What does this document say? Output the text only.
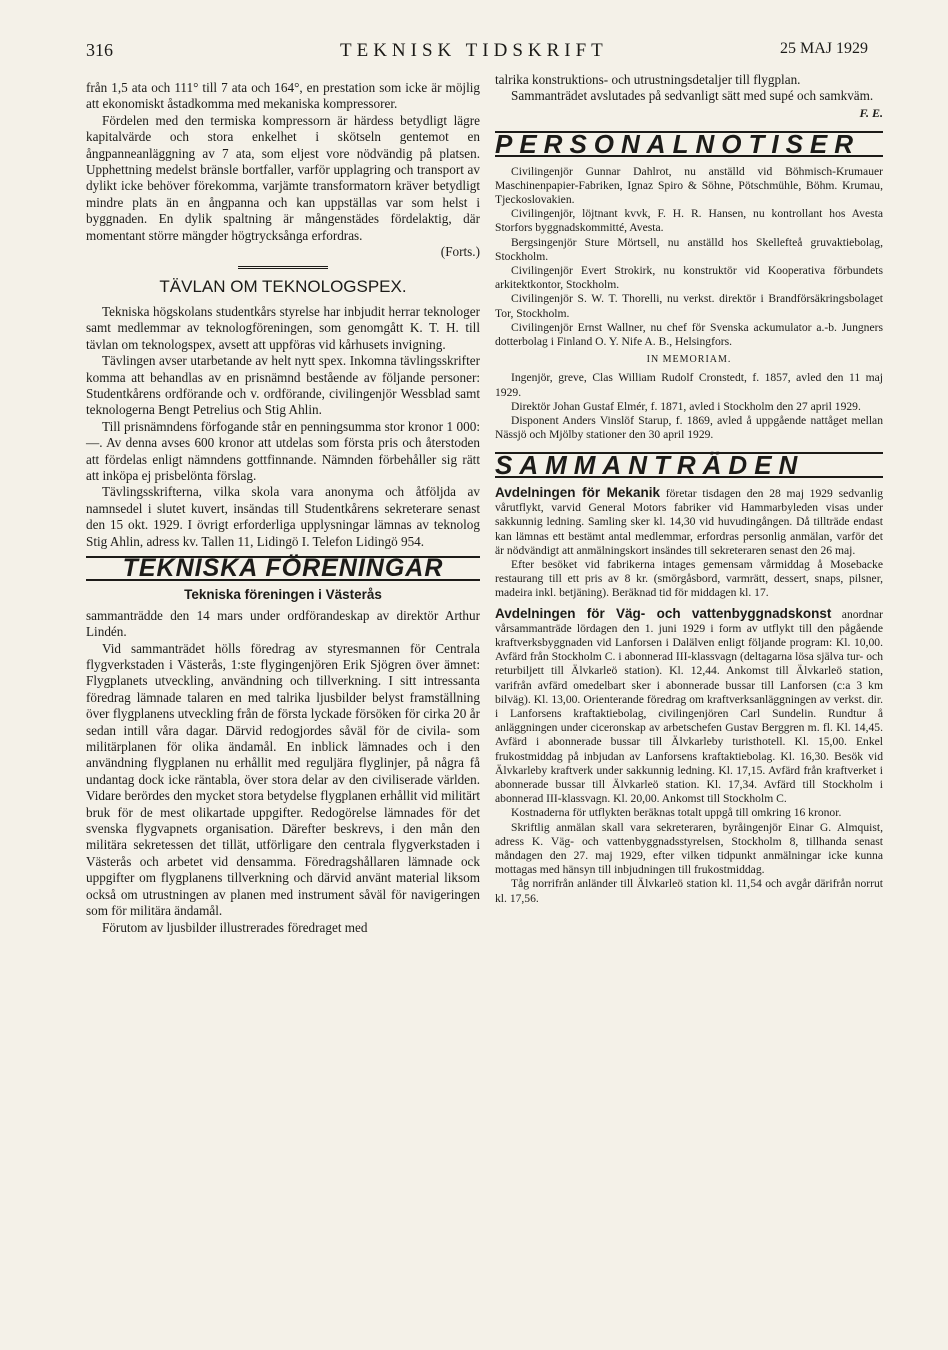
316	TEKNISK TIDSKRIFT	25 MAJ 1929

från 1,5 ata och 111° till 7 ata och 164°, en prestation som icke är möjlig att ekonomiskt åstadkomma med mekaniska kompressorer.

Fördelen med den termiska kompressorn är härdess betydligt lägre kapitalvärde och stora enkelhet i skötseln gentemot en ångpanneanläggning av 7 ata, som eljest vore nödvändig på platsen. Upphettning medelst bränsle bortfaller, varför upplagring och transport av dylikt icke behöver förekomma, varjämte transformatorn kräver betydligt mindre plats än en ångpanna och kan uppställas var som helst i byggnaden. En dylik spaltning är mångenstädes fördelaktig, där momentant större mängder högtrycksånga erfordras.

(Forts.)

TÄVLAN OM TEKNOLOGSPEX.

Tekniska högskolans studentkårs styrelse har inbjudit herrar teknologer samt medlemmar av teknologföreningen, som genomgått K. T. H. till tävlan om teknologspex, avsett att uppföras vid kårhusets invigning.

Tävlingen avser utarbetande av helt nytt spex. Inkomna tävlingsskrifter komma att behandlas av en prisnämnd bestående av följande personer: Studentkårens ordförande och v. ordförande, civilingenjör Wessblad samt teknologerna Bengt Petrelius och Stig Ahlin.

Till prisnämndens förfogande står en penningsumma stor kronor 1 000:—. Av denna avses 600 kronor att utdelas som första pris och återstoden att fördelas enligt nämndens gottfinnande. Nämnden förbehåller sig rätt att inköpa ej prisbelönta förslag.

Tävlingsskrifterna, vilka skola vara anonyma och åtföljda av namnsedel i slutet kuvert, insändas till Studentkårens sekreterare senast den 15 okt. 1929. I övrigt erforderliga upplysningar lämnas av teknolog Stig Ahlin, adress kv. Tallen 11, Lidingö I. Telefon Lidingö 954.

TEKNISKA FÖRENINGAR
Tekniska föreningen i Västerås

sammanträdde den 14 mars under ordförandeskap av direktör Arthur Lindén.

Vid sammanträdet hölls föredrag av styresmannen för Centrala flygverkstaden i Västerås, 1:ste flygingenjören Erik Sjögren över ämnet: Flygplanets utveckling, användning och tillverkning. I sitt intressanta föredrag lämnade talaren en med talrika ljusbilder belyst framställning över flygplanens utveckling från de första lyckade försöken för cirka 20 år sedan intill våra dagar. Därvid redogjordes såväl för de civila- som militärplanen för olika ändamål. En inblick lämnades och i den användning flygplanen nu erhållit med reguljära flyglinjer, på några få undantag dock icke räntabla, över stora delar av den civiliserade världen. Vidare berördes den mycket stora betydelse flygplanen erhållit vid militärt bruk för de mest olikartade uppgifter. Redogörelse lämnades för det svenska flygvapnets organisation. Därefter beskrevs, i den mån den militära sekretessen det tillät, utförligare den centrala flygverkstaden i Västerås och arbetet vid densamma. Föredragshållaren lämnade ock uppgifter om flygplanens tillverkning och därvid använt material liksom också om utrustningen av planen med instrument såväl för navigeringen som för militära ändamål.

Förutom av ljusbilder illustrerades föredraget med

talrika konstruktions- och utrustningsdetaljer till flygplan.

Sammanträdet avslutades på sedvanligt sätt med supé och samkväm.

F. E.
PERSONALNOTISER

Civilingenjör Gunnar Dahlrot, nu anställd vid Böhmisch-Krumauer Maschinenpapier-Fabriken, Ignaz Spiro & Söhne, Pötschmühle, Böhm. Krumau, Tjeckoslovakien.

Civilingenjör, löjtnant kvvk, F. H. R. Hansen, nu kontrollant hos Avesta Storfors byggnadskommitté, Avesta.

Bergsingenjör Sture Mörtsell, nu anställd hos Skellefteå gruvaktiebolag, Stockholm.

Civilingenjör Evert Strokirk, nu konstruktör vid Kooperativa förbundets arkitektkontor, Stockholm.

Civilingenjör S. W. T. Thorelli, nu verkst. direktör i Brandförsäkringsbolaget Tor, Stockholm.

Civilingenjör Ernst Wallner, nu chef för Svenska ackumulator a.-b. Jungners dotterbolag i Finland O. Y. Nife A. B., Helsingfors.

IN MEMORIAM.

Ingenjör, greve, Clas William Rudolf Cronstedt, f. 1857, avled den 11 maj 1929.

Direktör Johan Gustaf Elmér, f. 1871, avled i Stockholm den 27 april 1929.

Disponent Anders Vinslöf Starup, f. 1869, avled å uppgående nattåget mellan Nässjö och Mjölby stationer den 30 april 1929.

SAMMANTRÄDEN

Avdelningen för Mekanik företar tisdagen den 28 maj 1929 sedvanlig vårutflykt, varvid General Motors fabriker vid Hammarbyleden visas under sakkunnig ledning. Samling sker kl. 14,30 vid huvudingången. Då tillträde endast kan lämnas ett bestämt antal medlemmar, erfordras personlig anmälan, varför det är nödvändigt att anmälningskort insändes till sekreteraren senast den 26 maj.

Efter besöket vid fabrikerna intages gemensam vårmiddag å Mosebacke restaurang till ett pris av 8 kr. (smörgåsbord, varmrätt, dessert, snaps, pilsner, madeira inkl. betjäning). Beräknad tid för middagen kl. 17.

Avdelningen för Väg- och vattenbyggnadskonst anordnar vårsammanträde lördagen den 1. juni 1929 i form av utflykt till den pågående kraftverksbyggnaden vid Lanforsen i Dalälven enligt följande program: Kl. 10,00. Avfärd från Stockholm C. i abonnerad III-klassvagn (deltagarna lösa själva tur- och returbiljett till Älvkarleö station). Kl. 12,44. Ankomst till Älvkarleö station, varifrån avfärd omedelbart sker i abonnerade bussar till Lanforsen (c:a 3 km bilväg). Kl. 13,00. Orienterande föredrag om kraftverksanläggningen av verkst. dir. i Lanforsens kraftaktiebolag, civilingenjören Carl Sundelin. Rundtur å anläggningen under ciceronskap av arbetschefen Gustav Berggren m. fl. Kl. 14,45. Avfärd i abonnerade bussar till Älvkarleby turisthotell. Kl. 15,00. Enkel frukostmiddag på inbjudan av Lanforsens kraftaktiebolag. Kl. 16,30. Besök vid Älvkarleby kraftverk under sakkunnig ledning. Kl. 17,15. Avfärd från kraftverket i abonnerade bussar till Älvkarleö station. Kl. 17,34. Avfärd till Stockholm i abonnerad III-klassvagn. Kl. 20,00. Ankomst till Stockholm C.

Kostnaderna för utflykten beräknas totalt uppgå till omkring 16 kronor.

Skriftlig anmälan skall vara sekreteraren, byråingenjör Einar G. Almquist, adress K. Väg- och vattenbyggnadsstyrelsen, Stockholm 8, tillhanda senast måndagen den 27. maj 1929, efter vilken tidpunkt anmälningar icke kunna mottagas med hänsyn till inbjudningen till frukostmiddag.

Tåg norrifrån anländer till Älvkarleö station kl. 11,54 och avgår därifrån norrut kl. 17,56.
